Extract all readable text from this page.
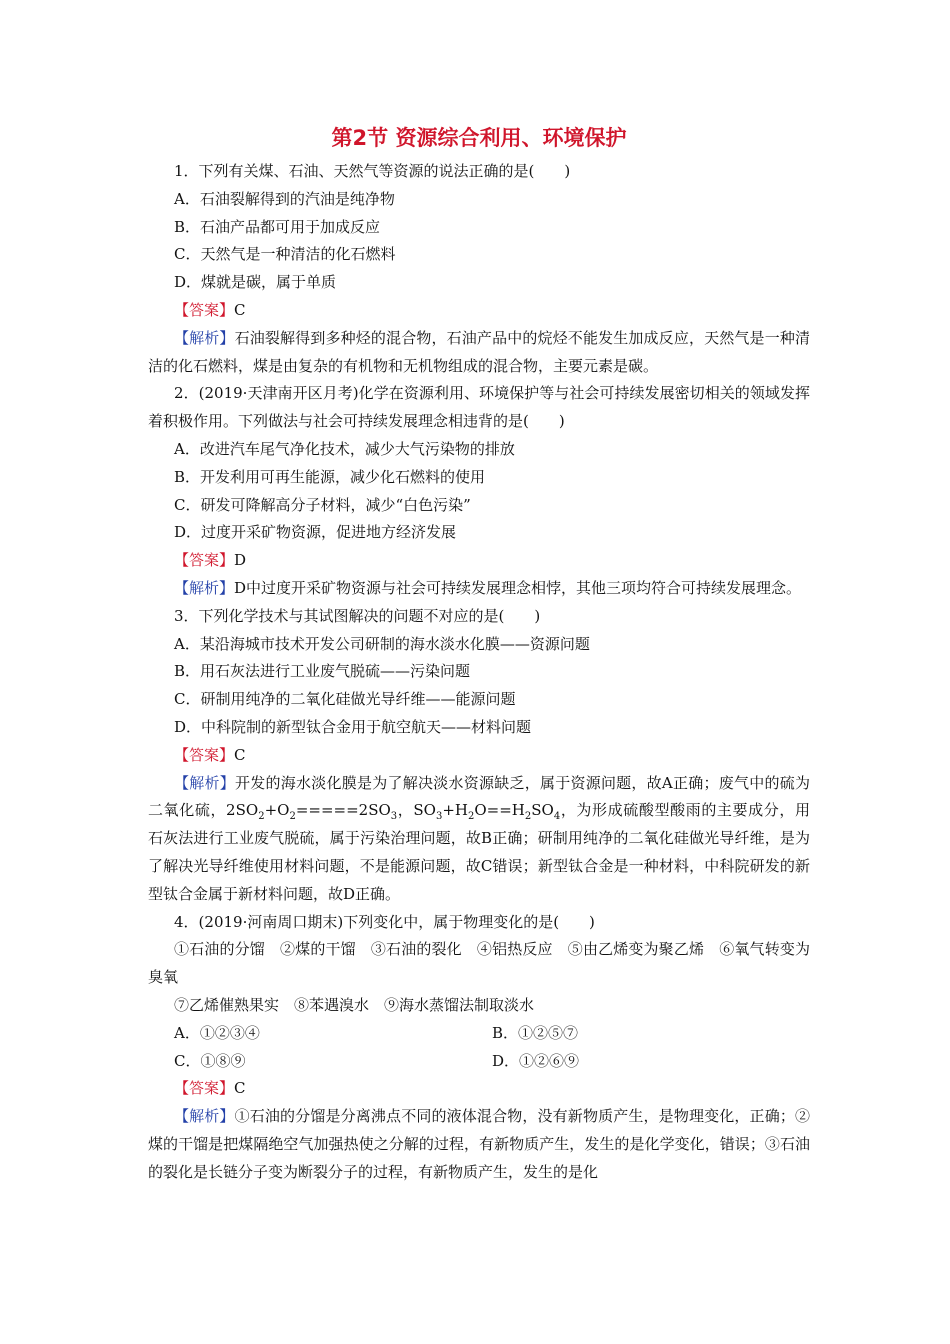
第2节 资源综合利用、环境保护
1．下列有关煤、石油、天然气等资源的说法正确的是(　　)
A．石油裂解得到的汽油是纯净物
B．石油产品都可用于加成反应
C．天然气是一种清洁的化石燃料
D．煤就是碳，属于单质
【答案】C
【解析】石油裂解得到多种烃的混合物，石油产品中的烷烃不能发生加成反应，天然气是一种清洁的化石燃料，煤是由复杂的有机物和无机物组成的混合物，主要元素是碳。
2．(2019·天津南开区月考)化学在资源利用、环境保护等与社会可持续发展密切相关的领域发挥着积极作用。下列做法与社会可持续发展理念相违背的是(　　)
A．改进汽车尾气净化技术，减少大气污染物的排放
B．开发利用可再生能源，减少化石燃料的使用
C．研发可降解高分子材料，减少“白色污染”
D．过度开采矿物资源，促进地方经济发展
【答案】D
【解析】D中过度开采矿物资源与社会可持续发展理念相悖，其他三项均符合可持续发展理念。
3．下列化学技术与其试图解决的问题不对应的是(　　)
A．某沿海城市技术开发公司研制的海水淡水化膜——资源问题
B．用石灰法进行工业废气脱硫——污染问题
C．研制用纯净的二氧化硅做光导纤维——能源问题
D．中科院制的新型钛合金用于航空航天——材料问题
【答案】C
【解析】开发的海水淡化膜是为了解决淡水资源缺乏，属于资源问题，故A正确；废气中的硫为二氧化硫，$2SO_2+O_2=====2SO_3$，$SO_3+H_2O==H_2SO_4$，为形成硫酸型酸雨的主要成分，用石灰法进行工业废气脱硫，属于污染治理问题，故B正确；研制用纯净的二氧化硅做光导纤维，是为了解决光导纤维使用材料问题，不是能源问题，故C错误；新型钛合金是一种材料，中科院研发的新型钛合金属于新材料问题，故D正确。
4．(2019·河南周口期末)下列变化中，属于物理变化的是(　　)
①石油的分馏　②煤的干馏　③石油的裂化　④铝热反应　⑤由乙烯变为聚乙烯　⑥氧气转变为臭氧
⑦乙烯催熟果实　⑧苯遇溴水　⑨海水蒸馏法制取淡水
A．①②③④	B．①②⑤⑦
C．①⑧⑨	D．①②⑥⑨
【答案】C
【解析】①石油的分馏是分离沸点不同的液体混合物，没有新物质产生，是物理变化，正确；②煤的干馏是把煤隔绝空气加强热使之分解的过程，有新物质产生，发生的是化学变化，错误；③石油的裂化是长链分子变为断裂分子的过程，有新物质产生，发生的是化
